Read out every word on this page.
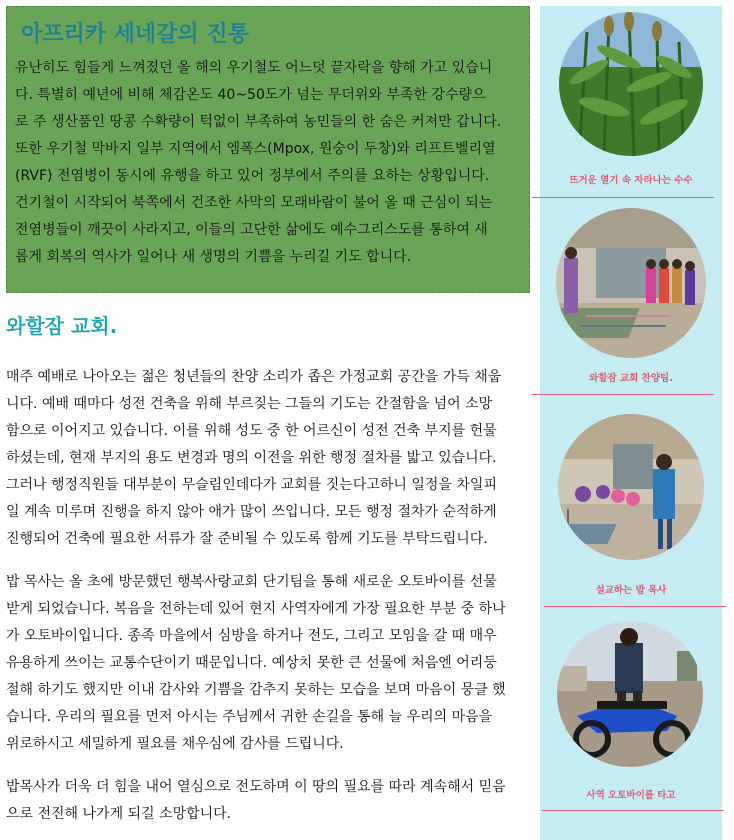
아프리카 세네갈의 진통

유난히도 힘들게 느껴졌던 올 해의 우기철도 어느덧 끝자락을 향해 가고 있습니
다. 특별히 예년에 비해 체감온도 40~50도가 넘는 무더위와 부족한 강수량으
로 주 생산품인 땅콩 수확량이 턱없이 부족하여 농민들의 한 숨은 커져만 갑니다.
또한 우기철 막바지 일부 지역에서 엠폭스(Mpox, 원숭이 두창)와 리프트벨리열
(RVF) 전염병이 동시에 유행을 하고 있어 정부에서 주의를 요하는 상황입니다.
건기철이 시작되어 북쪽에서 건조한 사막의 모래바람이 불어 올 때 근심이 되는
전염병들이 깨끗이 사라지고, 이들의 고단한 삶에도 예수그리스도를 통하여 새
롭게 회복의 역사가 일어나 새 생명의 기쁨을 누리길 기도 합니다.

와할잠 교회.

매주 예배로 나아오는 젊은 청년들의 찬양 소리가 좁은 가정교회 공간을 가득 채웁
니다. 예배 때마다 성전 건축을 위해 부르짖는 그들의 기도는 간절함을 넘어 소망
함으로 이어지고 있습니다. 이를 위해 성도 중 한 어르신이 성전 건축 부지를 헌물
하셨는데, 현재 부지의 용도 변경과 명의 이전을 위한 행정 절차를 밟고 있습니다.
그러나 행정직원들 대부분이 무슬림인데다가 교회를 짓는다고하니 일정을 차일피
일 계속 미루며 진행을 하지 않아 애가 많이 쓰입니다. 모든 행정 절차가 순적하게
진행되어 건축에 필요한 서류가 잘 준비될 수 있도록 함께 기도를 부탁드립니다.

밥 목사는 올 초에 방문했던 행복사랑교회 단기팀을 통해 새로운 오토바이를 선물
받게 되었습니다. 복음을 전하는데 있어 현지 사역자에게 가장 필요한 부분 중 하나
가 오토바이입니다. 종족 마을에서 심방을 하거나 전도, 그리고 모임을 갈 때 매우
유용하게 쓰이는 교통수단이기 때문입니다. 예상치 못한 큰 선물에 처음엔 어리둥
절해 하기도 했지만 이내 감사와 기쁨을 감추지 못하는 모습을 보며 마음이 뭉클 했
습니다. 우리의 필요를 먼저 아시는 주님께서 귀한 손길을 통해 늘 우리의 마음을
위로하시고 세밀하게 필요를 채우심에 감사를 드립니다.

밥목사가 더욱 더 힘을 내어 열심으로 전도하며 이 땅의 필요를 따라 계속해서 믿음
으로 전진해 나가게 되길 소망합니다.

뜨거운 열기 속 자라나는 수수

와할잠 교회 찬양팀.

설교하는 밥 목사

사역 오토바이를 타고
